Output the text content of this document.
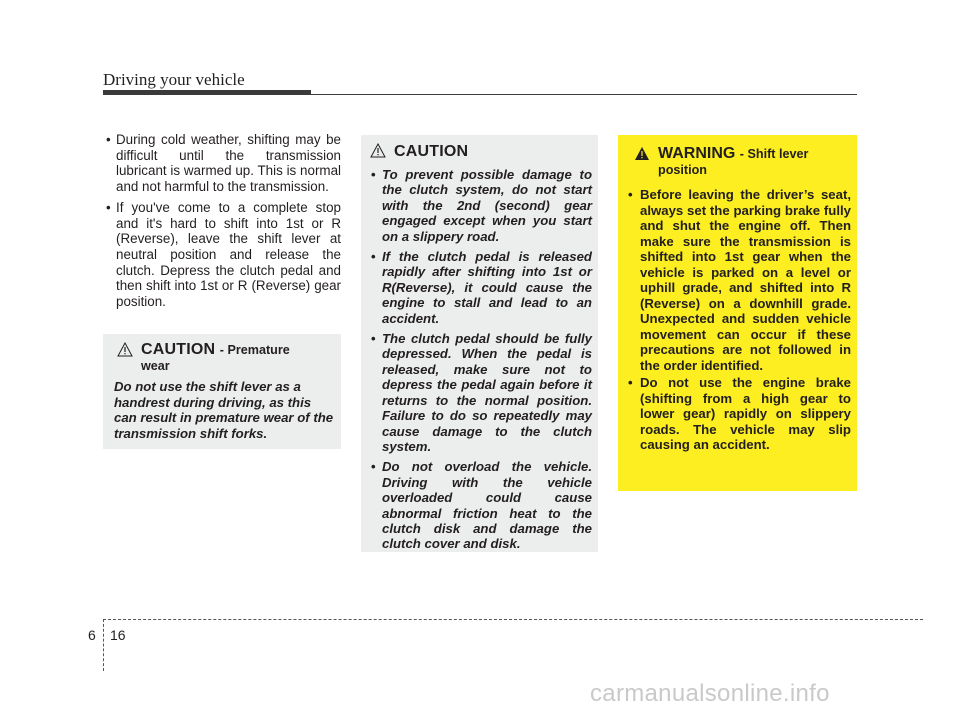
Driving your vehicle
• During cold weather, shifting may be difficult until the transmission lubricant is warmed up. This is normal and not harmful to the transmission.
• If you've come to a complete stop and it's hard to shift into 1st or R (Reverse), leave the shift lever at neutral position and release the clutch. Depress the clutch pedal and then shift into 1st or R (Reverse) gear position.
CAUTION - Premature wear
Do not use the shift lever as a handrest during driving, as this can result in premature wear of the transmission shift forks.
CAUTION
• To prevent possible damage to the clutch system, do not start with the 2nd (second) gear engaged except when you start on a slippery road.
• If the clutch pedal is released rapidly after shifting into 1st or R(Reverse), it could cause the engine to stall and lead to an accident.
• The clutch pedal should be fully depressed. When the pedal is released, make sure not to depress the pedal again before it returns to the normal position. Failure to do so repeatedly may cause damage to the clutch system.
• Do not overload the vehicle. Driving with the vehicle overloaded could cause abnormal friction heat to the clutch disk and damage the clutch cover and disk.
WARNING - Shift lever position
• Before leaving the driver’s seat, always set the parking brake fully and shut the engine off. Then make sure the transmission is shifted into 1st gear when the vehicle is parked on a level or uphill grade, and shifted into R (Reverse) on a downhill grade. Unexpected and sudden vehicle movement can occur if these precautions are not followed in the order identified.
• Do not use the engine brake (shifting from a high gear to lower gear) rapidly on slippery roads. The vehicle may slip causing an accident.
6 16
carmanualsonline.info
